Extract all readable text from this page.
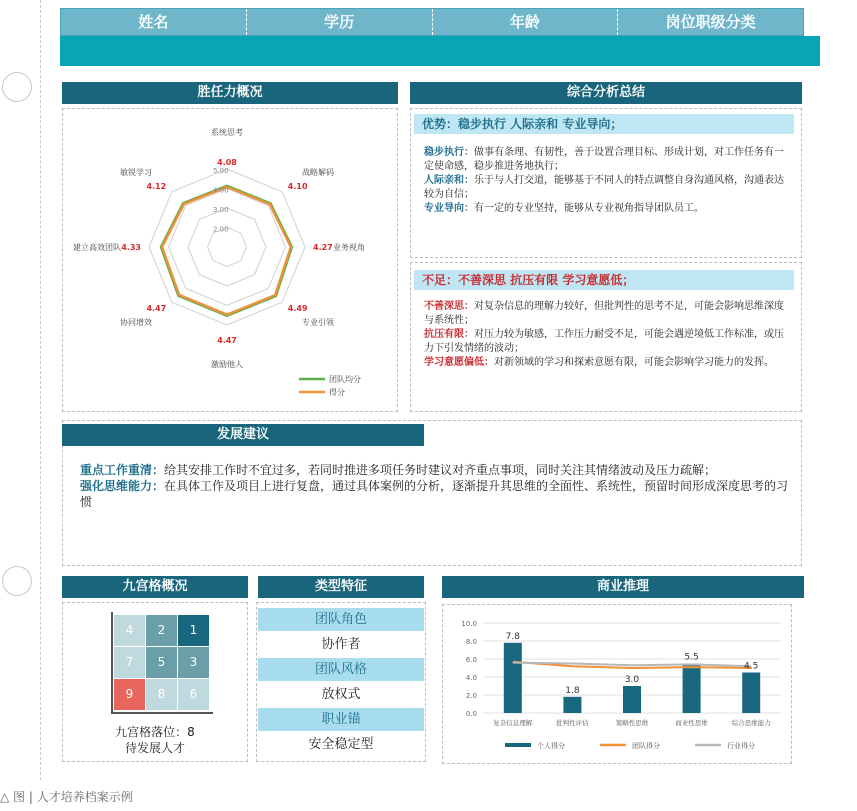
姓名	学历	年龄	岗位职级分类
胜任力概况
系统思考
4.08
战略解码
4.10
业务视角
4.27
专业引领
4.49
激励他人
4.47
协同增效
4.47
建立高效团队 4.33
敏锐学习
4.12
5.00
4.00
3.00
2.00
团队均分
得分
综合分析总结
优势：稳步执行 人际亲和 专业导向；
稳步执行：做事有条理、有韧性，善于设置合理目标、形成计划，对工作任务有一定使命感，稳步推进务地执行；
人际亲和：乐于与人打交道，能够基于不同人的特点调整自身沟通风格，沟通表达较为自信；
专业导向：有一定的专业坚持，能够从专业视角指导团队员工。
不足：不善深思 抗压有限 学习意愿低；
不善深思：对复杂信息的理解力较好，但批判性的思考不足，可能会影响思维深度与系统性；
抗压有限：对压力较为敏感，工作压力耐受不足，可能会遇逆境低工作标准，或压力下引发情绪的波动；
学习意愿偏低：对新领域的学习和探索意愿有限，可能会影响学习能力的发挥。
发展建议
重点工作重清：给其安排工作时不宜过多，若同时推进多项任务时建议对齐重点事项，同时关注其情绪波动及压力疏解；
强化思维能力：在具体工作及项目上进行复盘，通过具体案例的分析，逐渐提升其思维的全面性、系统性，预留时间形成深度思考的习惯
九宫格概况
4	2	1
7	5	3
9	8	6
九宫格落位：8
待发展人才
类型特征
团队角色
协作者
团队风格
放权式
职业锚
安全稳定型
商业推理
10.0
8.0
6.0
4.0
2.0
0.0
7.8
复杂信息理解
1.8
批判性评估
3.0
策略性思维
5.5
商业性思维
4.5
综合思维能力
个人得分	团队得分	行业得分
△ 图 | 人才培养档案示例
